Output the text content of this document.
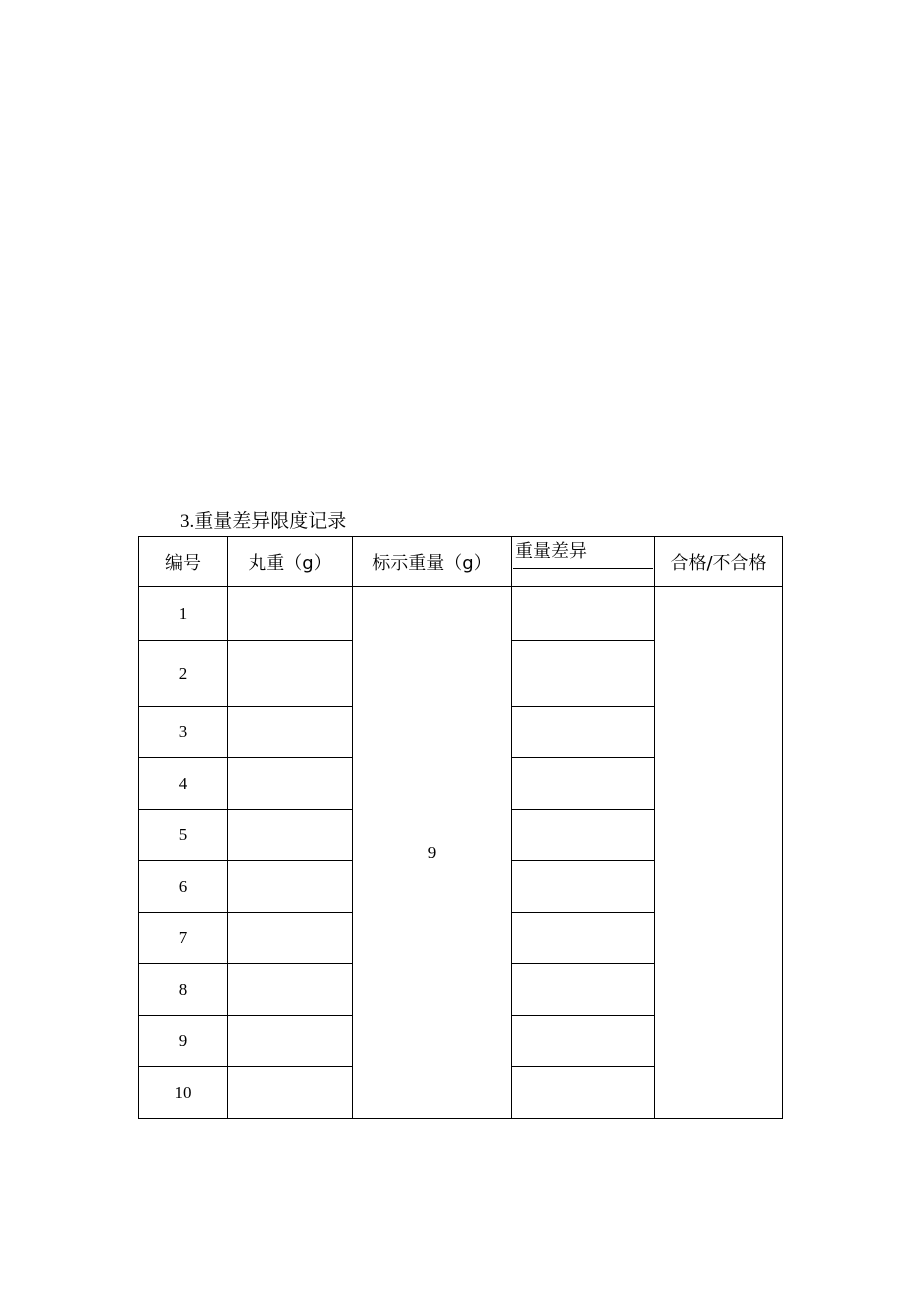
3.重量差异限度记录
编号	丸重（g）	标示重量（g）	重量差异	合格/不合格
1		9		
2				
3				
4				
5				
6				
7				
8				
9				
10				
